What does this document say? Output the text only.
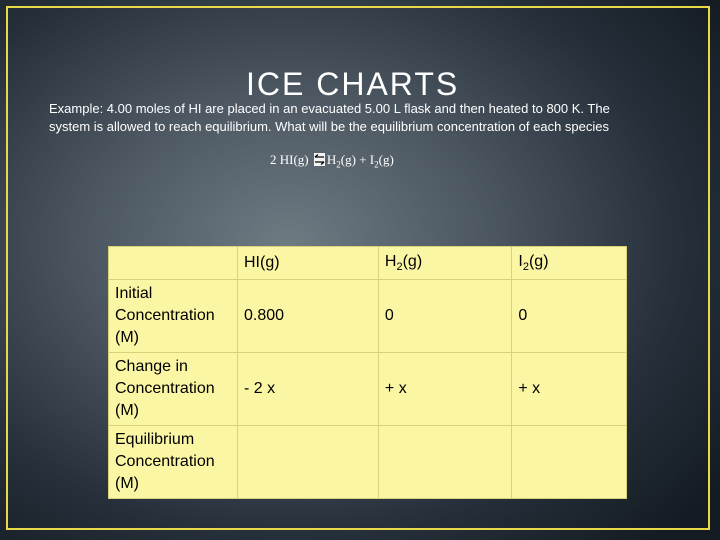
ICE CHARTS
Example: 4.00 moles of HI are placed in an evacuated 5.00 L flask and then heated to 800 K. The system is allowed to reach equilibrium. What will be the equilibrium concentration of each species
2 HI(g) $H_2(g) + I_2(g)$
	HI(g)	$H_2(g)$	$I_2(g)$
Initial Concentration (M)	0.800	0	0
Change in Concentration (M)	- 2 x	+ x	+ x
Equilibrium Concentration (M)			
